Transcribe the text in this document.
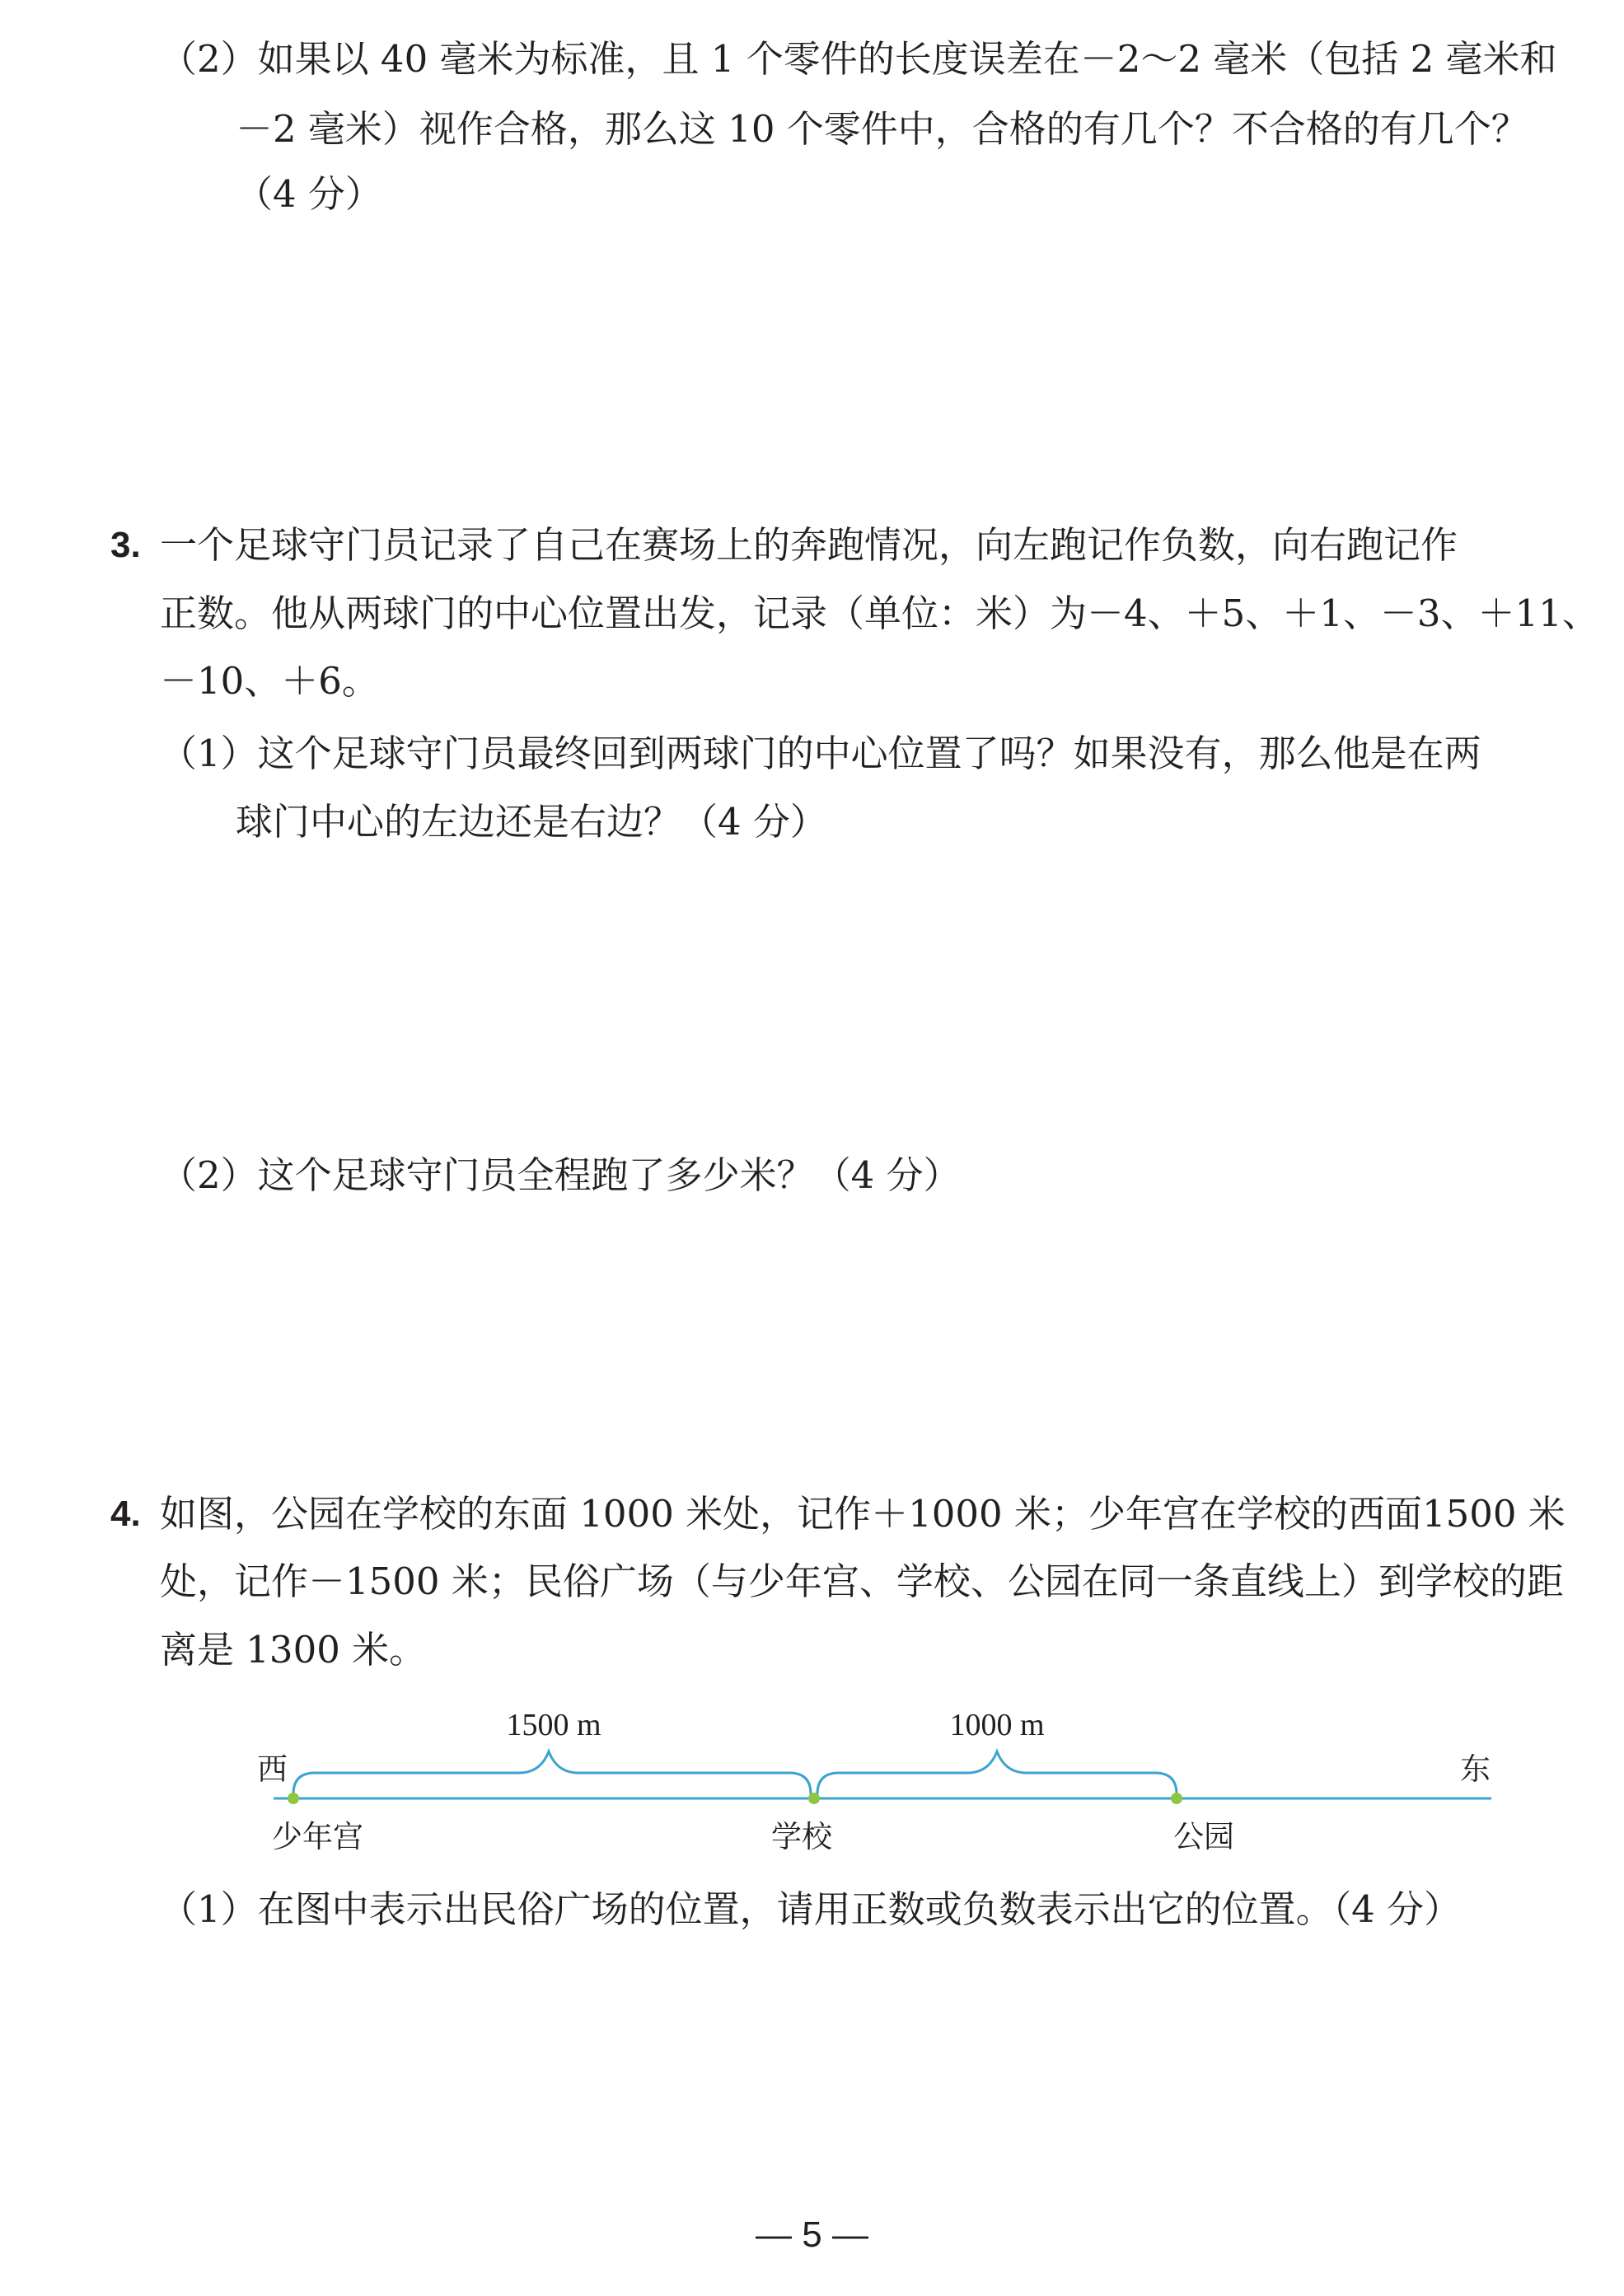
（2）如果以 40 毫米为标准，且 1 个零件的长度误差在－2～2 毫米（包括 2 毫米和
－2 毫米）视作合格，那么这 10 个零件中，合格的有几个？不合格的有几个？
（4 分）
3. 一个足球守门员记录了自己在赛场上的奔跑情况，向左跑记作负数，向右跑记作
正数。他从两球门的中心位置出发，记录（单位：米）为－4、＋5、＋1、－3、＋11、
－10、＋6。
（1）这个足球守门员最终回到两球门的中心位置了吗？如果没有，那么他是在两
球门中心的左边还是右边？（4 分）
（2）这个足球守门员全程跑了多少米？（4 分）
4. 如图，公园在学校的东面 1000 米处，记作＋1000 米；少年宫在学校的西面1500 米
处，记作－1500 米；民俗广场（与少年宫、学校、公园在同一条直线上）到学校的距
离是 1300 米。
1500 m	1000 m
西	东
少年宫	学校	公园
（1）在图中表示出民俗广场的位置，请用正数或负数表示出它的位置。（4 分）
— 5 —
